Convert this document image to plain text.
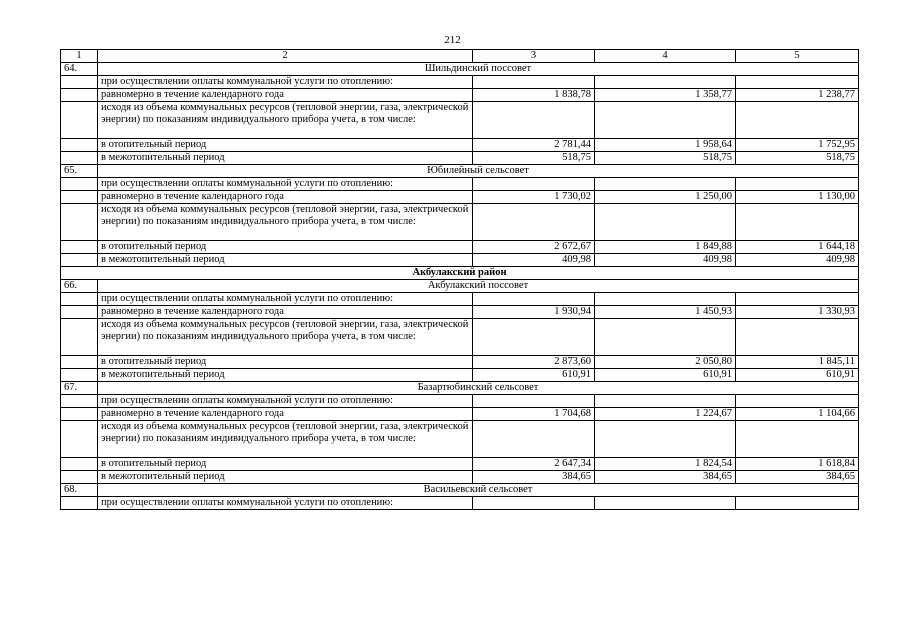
212
1	2	3	4	5
64.	Шильдинский поссовет			
	при осуществлении оплаты коммунальной услуги по отоплению:			
	равномерно в течение календарного года	1 838,78	1 358,77	1 238,77
	исходя из объема коммунальных ресурсов (тепловой энергии, газа, электрической энергии) по показаниям индивидуального прибора учета, в том числе:			
	в отопительный период	2 781,44	1 958,64	1 752,95
	в межотопительный период	518,75	518,75	518,75
65.	Юбилейный сельсовет			
	при осуществлении оплаты коммунальной услуги по отоплению:			
	равномерно в течение календарного года	1 730,02	1 250,00	1 130,00
	исходя из объема коммунальных ресурсов (тепловой энергии, газа, электрической энергии) по показаниям индивидуального прибора учета, в том числе:			
	в отопительный период	2 672,67	1 849,88	1 644,18
	в межотопительный период	409,98	409,98	409,98
Акбулакский район				
66.	Акбулакский поссовет			
	при осуществлении оплаты коммунальной услуги по отоплению:			
	равномерно в течение календарного года	1 930,94	1 450,93	1 330,93
	исходя из объема коммунальных ресурсов (тепловой энергии, газа, электрической энергии) по показаниям индивидуального прибора учета, в том числе:			
	в отопительный период	2 873,60	2 050,80	1 845,11
	в межотопительный период	610,91	610,91	610,91
67.	Базартюбинский сельсовет			
	при осуществлении оплаты коммунальной услуги по отоплению:			
	равномерно в течение календарного года	1 704,68	1 224,67	1 104,66
	исходя из объема коммунальных ресурсов (тепловой энергии, газа, электрической энергии) по показаниям индивидуального прибора учета, в том числе:			
	в отопительный период	2 647,34	1 824,54	1 618,84
	в межотопительный период	384,65	384,65	384,65
68.	Васильевский сельсовет			
	при осуществлении оплаты коммунальной услуги по отоплению:			
